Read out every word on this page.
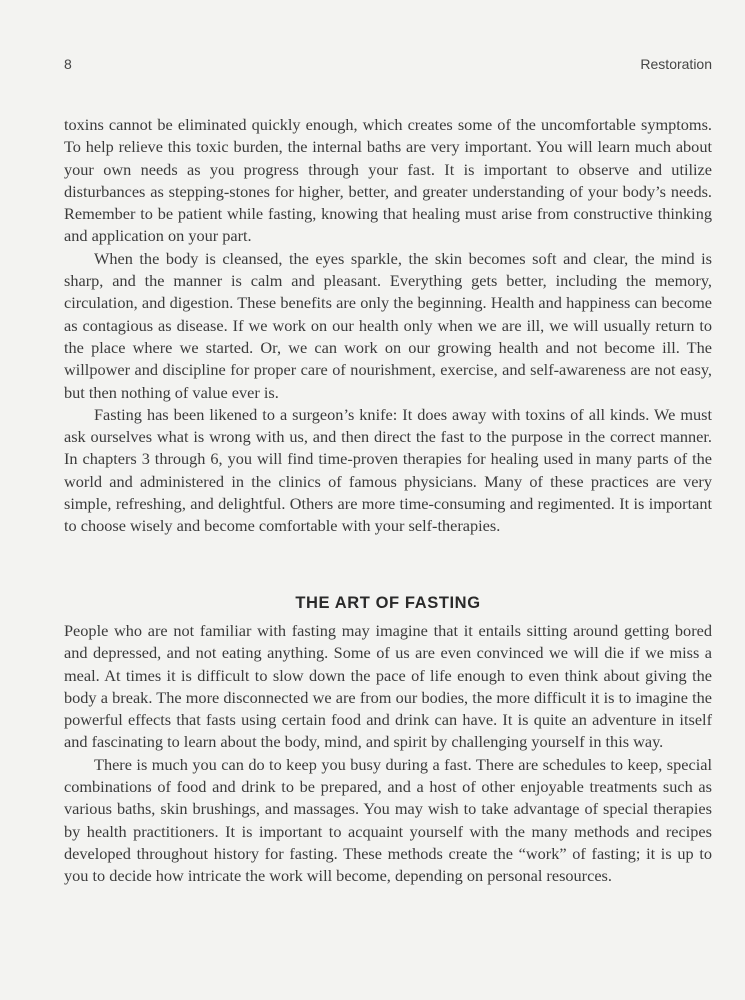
8	Restoration

toxins cannot be eliminated quickly enough, which creates some of the uncomfortable symptoms. To help relieve this toxic burden, the internal baths are very important. You will learn much about your own needs as you progress through your fast. It is important to observe and utilize disturbances as stepping-stones for higher, better, and greater understanding of your body’s needs. Remember to be patient while fasting, knowing that healing must arise from constructive thinking and application on your part.

When the body is cleansed, the eyes sparkle, the skin becomes soft and clear, the mind is sharp, and the manner is calm and pleasant. Everything gets better, including the memory, circulation, and digestion. These benefits are only the beginning. Health and happiness can become as contagious as disease. If we work on our health only when we are ill, we will usually return to the place where we started. Or, we can work on our growing health and not become ill. The willpower and discipline for proper care of nourishment, exercise, and self-awareness are not easy, but then nothing of value ever is.

Fasting has been likened to a surgeon’s knife: It does away with toxins of all kinds. We must ask ourselves what is wrong with us, and then direct the fast to the purpose in the correct manner. In chapters 3 through 6, you will find time-proven therapies for healing used in many parts of the world and administered in the clinics of famous physicians. Many of these practices are very simple, refreshing, and delightful. Others are more time-consuming and regimented. It is important to choose wisely and become comfortable with your self-therapies.

THE ART OF FASTING

People who are not familiar with fasting may imagine that it entails sitting around getting bored and depressed, and not eating anything. Some of us are even convinced we will die if we miss a meal. At times it is difficult to slow down the pace of life enough to even think about giving the body a break. The more disconnected we are from our bodies, the more difficult it is to imagine the powerful effects that fasts using certain food and drink can have. It is quite an adventure in itself and fascinating to learn about the body, mind, and spirit by challenging yourself in this way.

There is much you can do to keep you busy during a fast. There are schedules to keep, special combinations of food and drink to be prepared, and a host of other enjoyable treatments such as various baths, skin brushings, and massages. You may wish to take advantage of special therapies by health practitioners. It is important to acquaint yourself with the many methods and recipes developed throughout history for fasting. These methods create the “work” of fasting; it is up to you to decide how intricate the work will become, depending on personal resources.
